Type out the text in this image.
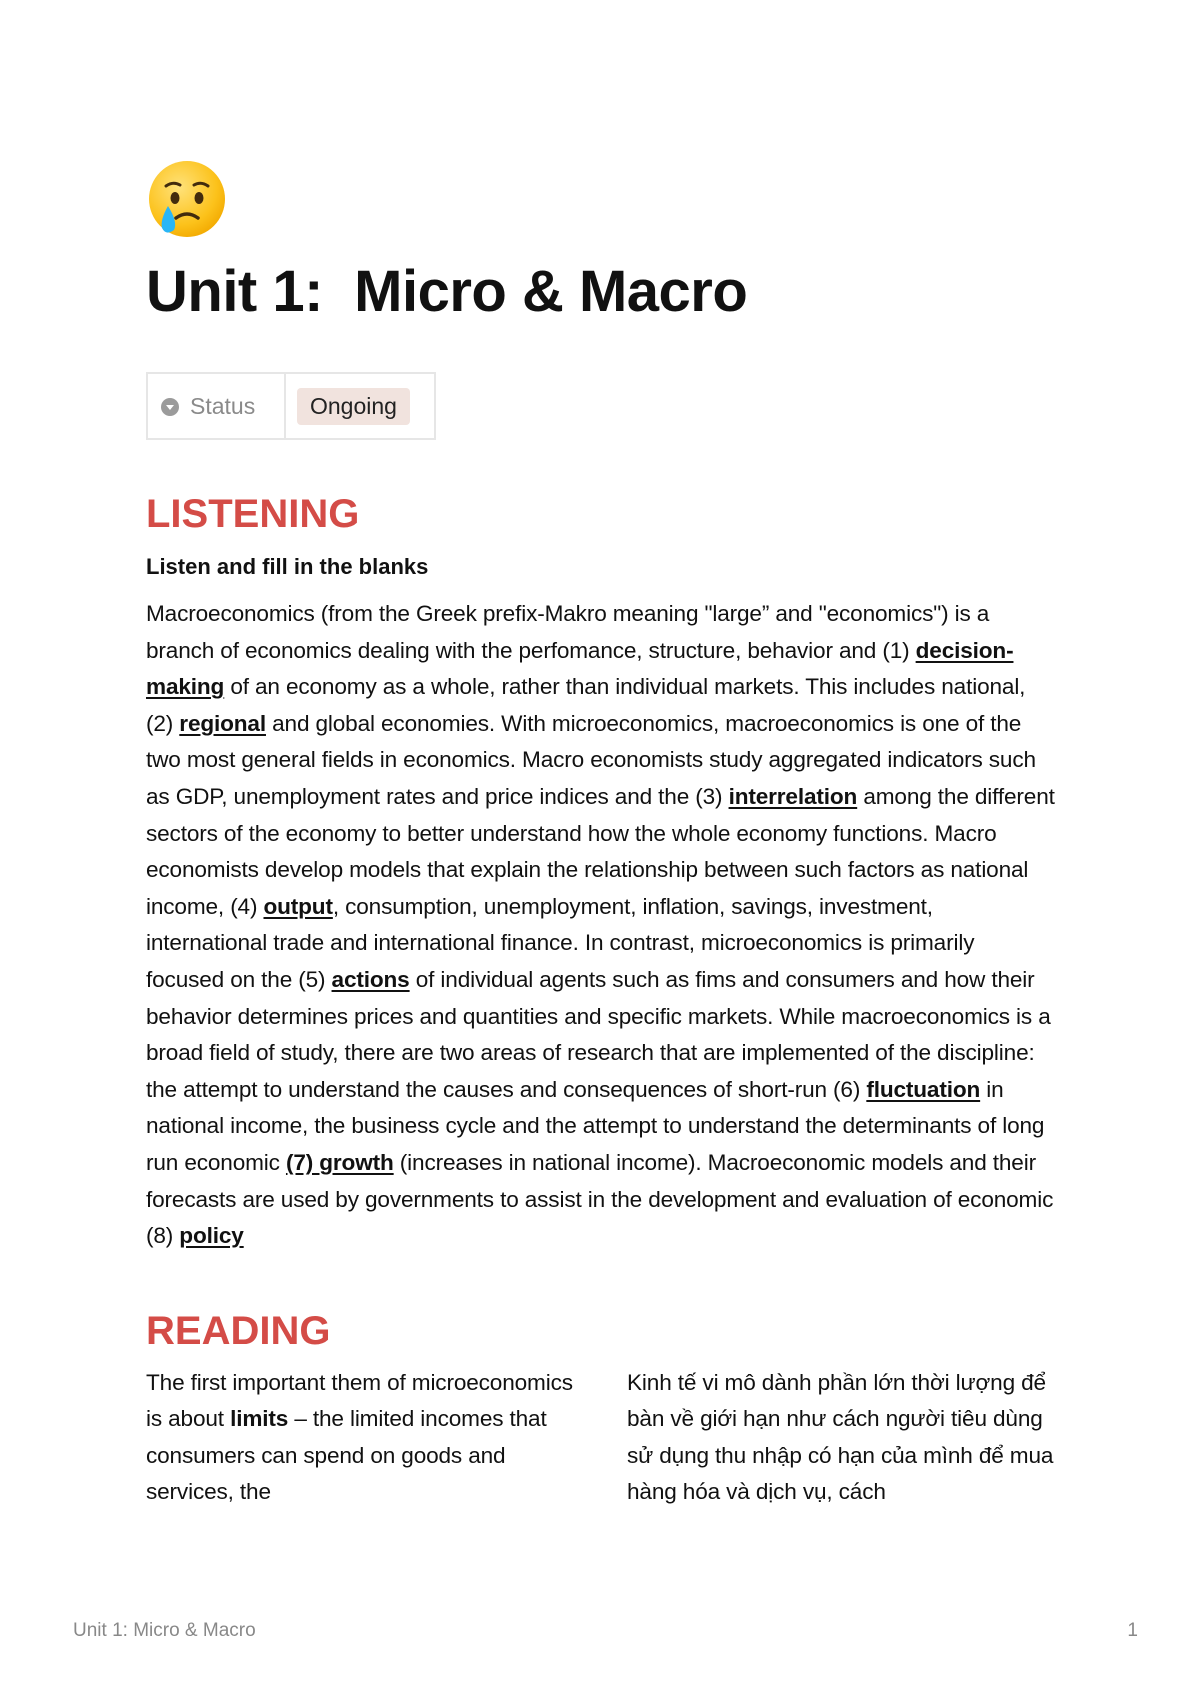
Unit 1:  Micro & Macro
Status	Ongoing
LISTENING

Listen and fill in the blanks

Macroeconomics (from the Greek prefix-Makro meaning "large” and "economics") is a branch of economics dealing with the perfomance, structure, behavior and (1) decision-making of an economy as a whole, rather than individual markets. This includes national, (2) regional and global economies. With microeconomics, macroeconomics is one of the two most general fields in economics. Macro economists study aggregated indicators such as GDP, unemployment rates and price indices and the (3) interrelation among the different sectors of the economy to better understand how the whole economy functions. Macro economists develop models that explain the relationship between such factors as national income, (4) output, consumption, unemployment, inflation, savings, investment, international trade and international finance. In contrast, microeconomics is primarily focused on the (5) actions of individual agents such as fims and consumers and how their behavior determines prices and quantities and specific markets. While macroeconomics is a broad field of study, there are two areas of research that are implemented of the discipline: the attempt to understand the causes and consequences of short-run (6) fluctuation in national income, the business cycle and the attempt to understand the determinants of long run economic (7) growth (increases in national income). Macroeconomic models and their forecasts are used by governments to assist in the development and evaluation of economic (8) policy

READING

The first important them of microeconomics is about limits – the limited incomes that consumers can spend on goods and services, the

Kinh tế vi mô dành phần lớn thời lượng để bàn về giới hạn như cách người tiêu dùng sử dụng thu nhập có hạn của mình để mua hàng hóa và dịch vụ, cách

Unit 1: Micro & Macro	1
